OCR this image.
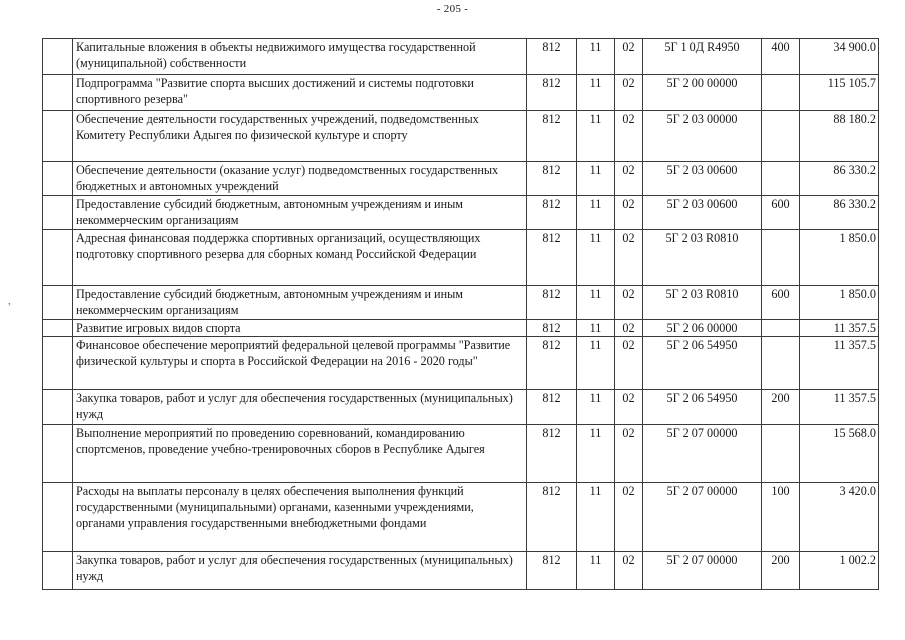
- 205 -
	Капитальные вложения в объекты недвижимого имущества государственной (муниципальной) собственности	812	11	02	5Г 1 0Д R4950	400	34 900.0
	Подпрограмма "Развитие спорта высших достижений и системы подготовки спортивного резерва"	812	11	02	5Г 2 00 00000		115 105.7
	Обеспечение деятельности государственных учреждений, подведомственных Комитету Республики Адыгея по физической культуре и спорту	812	11	02	5Г 2 03 00000		88 180.2
	Обеспечение деятельности (оказание услуг) подведомственных государственных бюджетных и автономных учреждений	812	11	02	5Г 2 03 00600		86 330.2
	Предоставление субсидий бюджетным, автономным учреждениям и иным некоммерческим организациям	812	11	02	5Г 2 03 00600	600	86 330.2
	Адресная финансовая поддержка спортивных организаций, осуществляющих подготовку спортивного резерва для сборных команд Российской Федерации	812	11	02	5Г 2 03 R0810		1 850.0
	Предоставление субсидий бюджетным, автономным учреждениям и иным некоммерческим организациям	812	11	02	5Г 2 03 R0810	600	1 850.0
	Развитие игровых видов спорта	812	11	02	5Г 2 06 00000		11 357.5
	Финансовое обеспечение мероприятий федеральной целевой программы "Развитие физической культуры и спорта в Российской Федерации на 2016 - 2020 годы"	812	11	02	5Г 2 06 54950		11 357.5
	Закупка товаров, работ и услуг для обеспечения государственных (муниципальных) нужд	812	11	02	5Г 2 06 54950	200	11 357.5
	Выполнение мероприятий по проведению соревнований, командированию спортсменов, проведение учебно-тренировочных сборов в Республике Адыгея	812	11	02	5Г 2 07 00000		15 568.0
	Расходы на выплаты персоналу в целях обеспечения выполнения функций государственными (муниципальными) органами, казенными учреждениями, органами управления государственными внебюджетными фондами	812	11	02	5Г 2 07 00000	100	3 420.0
	Закупка товаров, работ и услуг для обеспечения государственных (муниципальных) нужд	812	11	02	5Г 2 07 00000	200	1 002.2
,
